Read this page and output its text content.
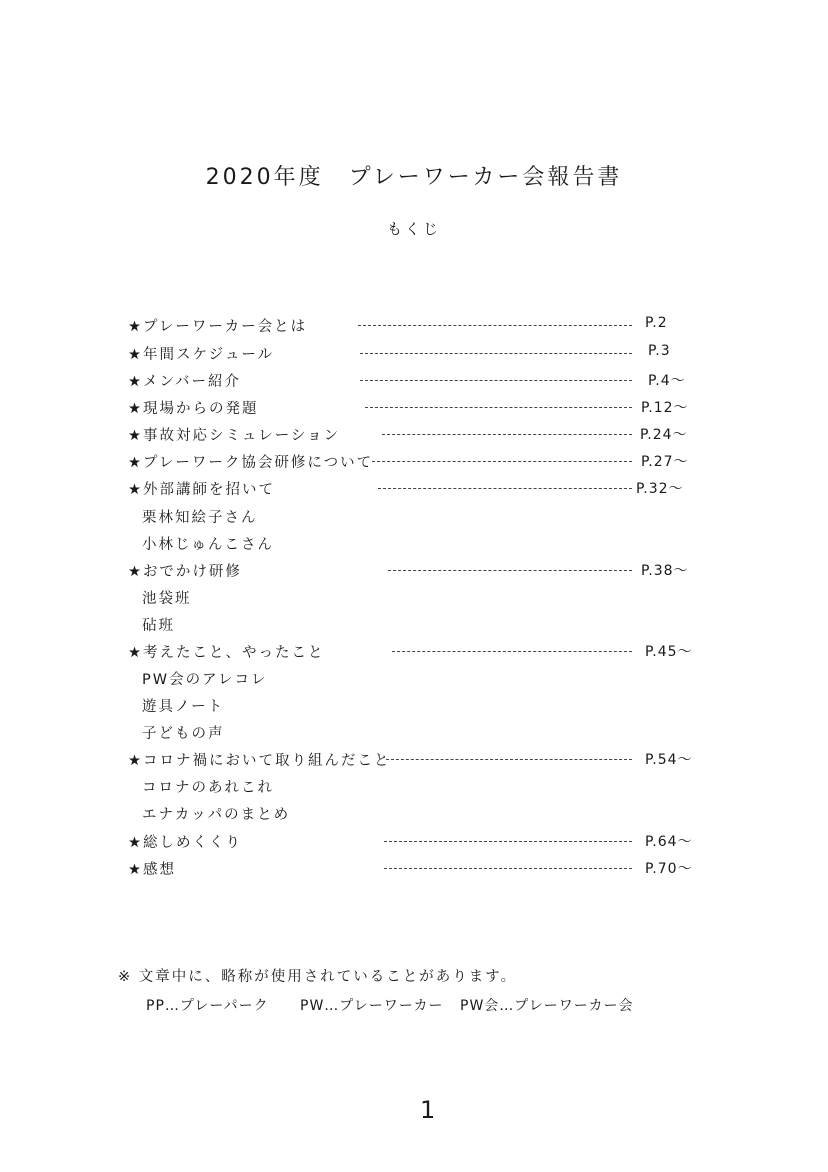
2020年度　プレーワーカー会報告書
もくじ
★プレーワーカー会とは	P.2
★年間スケジュール	P.3
★メンバー紹介	P.4〜
★現場からの発題	P.12〜
★事故対応シミュレーション	P.24〜
★プレーワーク協会研修について	P.27〜
★外部講師を招いて	P.32〜
栗林知絵子さん
小林じゅんこさん
★おでかけ研修	P.38〜
池袋班
砧班
★考えたこと、やったこと	P.45〜
PW会のアレコレ
遊具ノート
子どもの声
★コロナ禍において取り組んだこと	P.54〜
コロナのあれこれ
エナカッパのまとめ
★総しめくくり	P.64〜
★感想	P.70〜
※ 文章中に、略称が使用されていることがあります。
PP…プレーパーク PW…プレーワーカー PW会…プレーワーカー会
1
